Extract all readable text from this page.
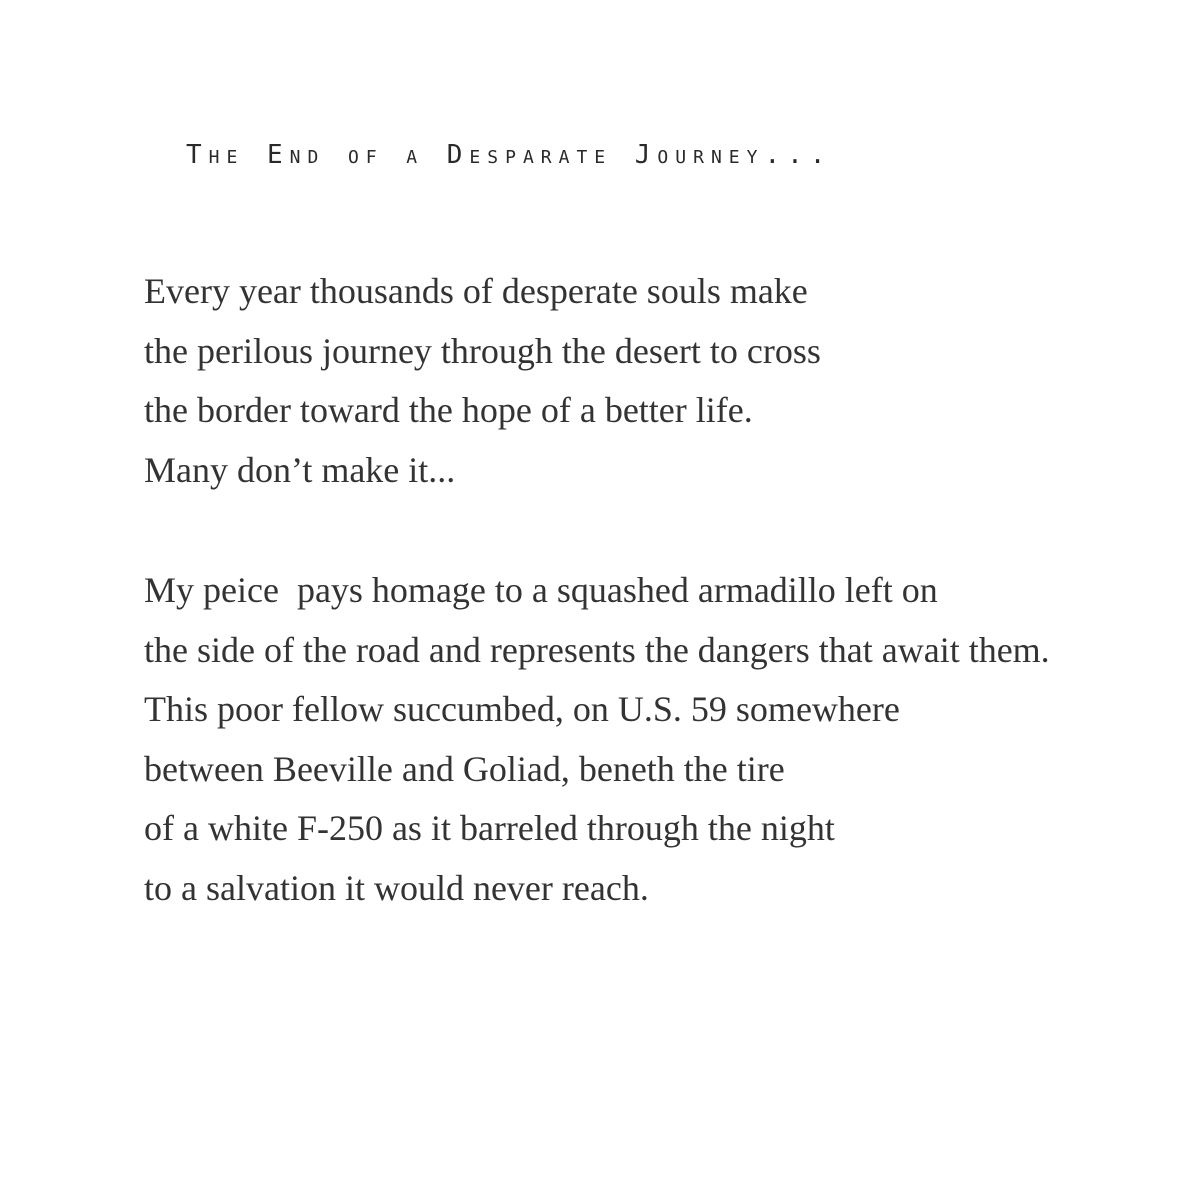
The End of a Desparate Journey...
Every year thousands of desperate souls make
the perilous journey through the desert to cross
the border toward the hope of a better life.
Many don’t make it...
My peice  pays homage to a squashed armadillo left on
the side of the road and represents the dangers that await them.
This poor fellow succumbed, on U.S. 59 somewhere
between Beeville and Goliad, beneth the tire
of a white F-250 as it barreled through the night
to a salvation it would never reach.
